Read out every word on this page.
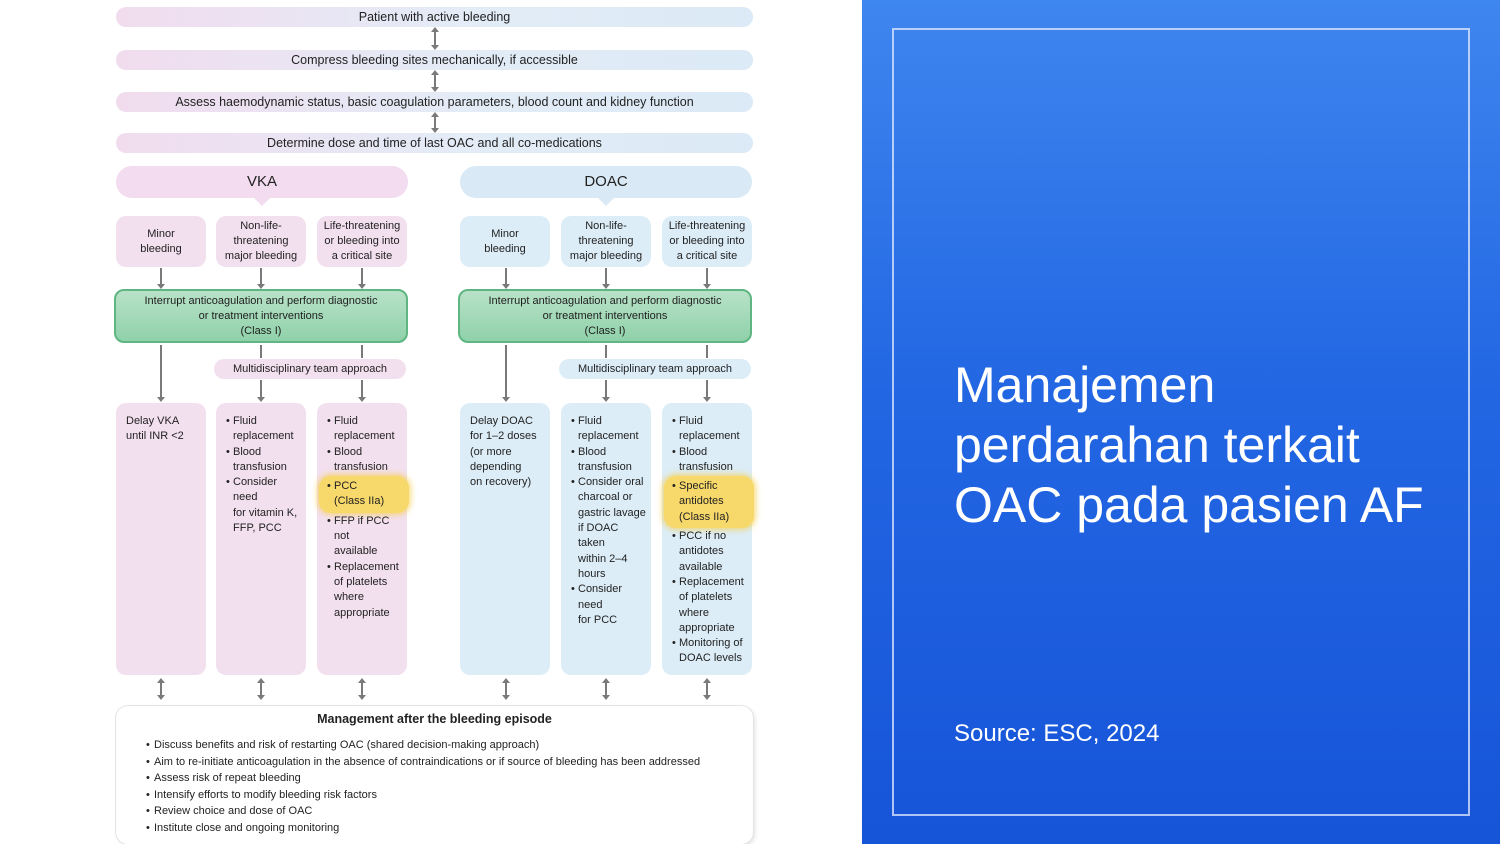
Patient with active bleeding
Compress bleeding sites mechanically, if accessible
Assess haemodynamic status, basic coagulation parameters, blood count and kidney function
Determine dose and time of last OAC and all co-medications
VKA	DOAC
Minor
bleeding
Non-life-
threatening
major bleeding
Life-threatening
or bleeding into
a critical site
Minor
bleeding
Non-life-
threatening
major bleeding
Life-threatening
or bleeding into
a critical site
Interrupt anticoagulation and perform diagnostic
or treatment interventions
(Class I)
Interrupt anticoagulation and perform diagnostic
or treatment interventions
(Class I)
Multidisciplinary team approach	Multidisciplinary team approach
Delay VKA
until INR <2
• Fluid
replacement
• Blood
transfusion
• Consider need
for vitamin K,
FFP, PCC
• Fluid
replacement
• Blood
transfusion
• PCC
(Class IIa)
• FFP if PCC not
available
• Replacement
of platelets
where
appropriate
Delay DOAC
for 1–2 doses
(or more
depending
on recovery)
• Fluid
replacement
• Blood
transfusion
• Consider oral
charcoal or
gastric lavage
if DOAC taken
within 2–4
hours
• Consider need
for PCC
• Fluid
replacement
• Blood
transfusion
• Specific
antidotes
(Class IIa)
• PCC if no
antidotes
available
• Replacement
of platelets
where
appropriate
• Monitoring of
DOAC levels
Management after the bleeding episode
• Discuss benefits and risk of restarting OAC (shared decision-making approach)
• Aim to re-initiate anticoagulation in the absence of contraindications or if source of bleeding has been addressed
• Assess risk of repeat bleeding
• Intensify efforts to modify bleeding risk factors
• Review choice and dose of OAC
• Institute close and ongoing monitoring
Manajemen perdarahan terkait OAC pada pasien AF
Source: ESC, 2024
